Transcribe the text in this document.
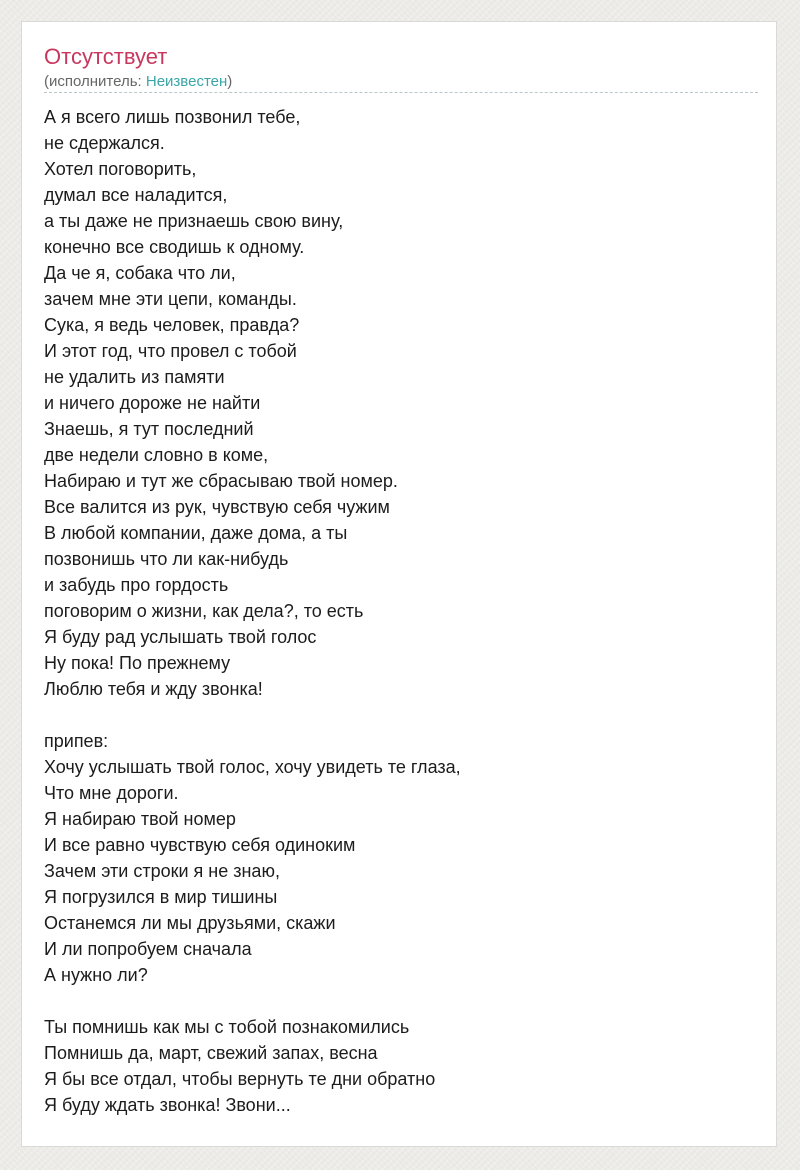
Отсутствует
(исполнитель: Неизвестен)
А я всего лишь позвонил тебе,
не сдержался.
Хотел поговорить,
думал все наладится,
а ты даже не признаешь свою вину,
конечно все сводишь к одному.
Да че я, собака что ли,
зачем мне эти цепи, команды.
Сука, я ведь человек, правда?
И этот год, что провел с тобой
не удалить из памяти
и ничего дороже не найти
Знаешь, я тут последний
две недели словно в коме,
Набираю и тут же сбрасываю твой номер.
Все валится из рук, чувствую себя чужим
В любой компании, даже дома, а ты
позвонишь что ли как-нибудь
и забудь про гордость
поговорим о жизни, как дела?, то есть
Я буду рад услышать твой голос
Ну пока! По прежнему
Люблю тебя и жду звонка!

припев:
Хочу услышать твой голос, хочу увидеть те глаза,
Что мне дороги.
Я набираю твой номер
И все равно чувствую себя одиноким
Зачем эти строки я не знаю,
Я погрузился в мир тишины
Останемся ли мы друзьями, скажи
И ли попробуем сначала
А нужно ли?

Ты помнишь как мы с тобой познакомились
Помнишь да, март, свежий запах, весна
Я бы все отдал, чтобы вернуть те дни обратно
Я буду ждать звонка! Звони...
